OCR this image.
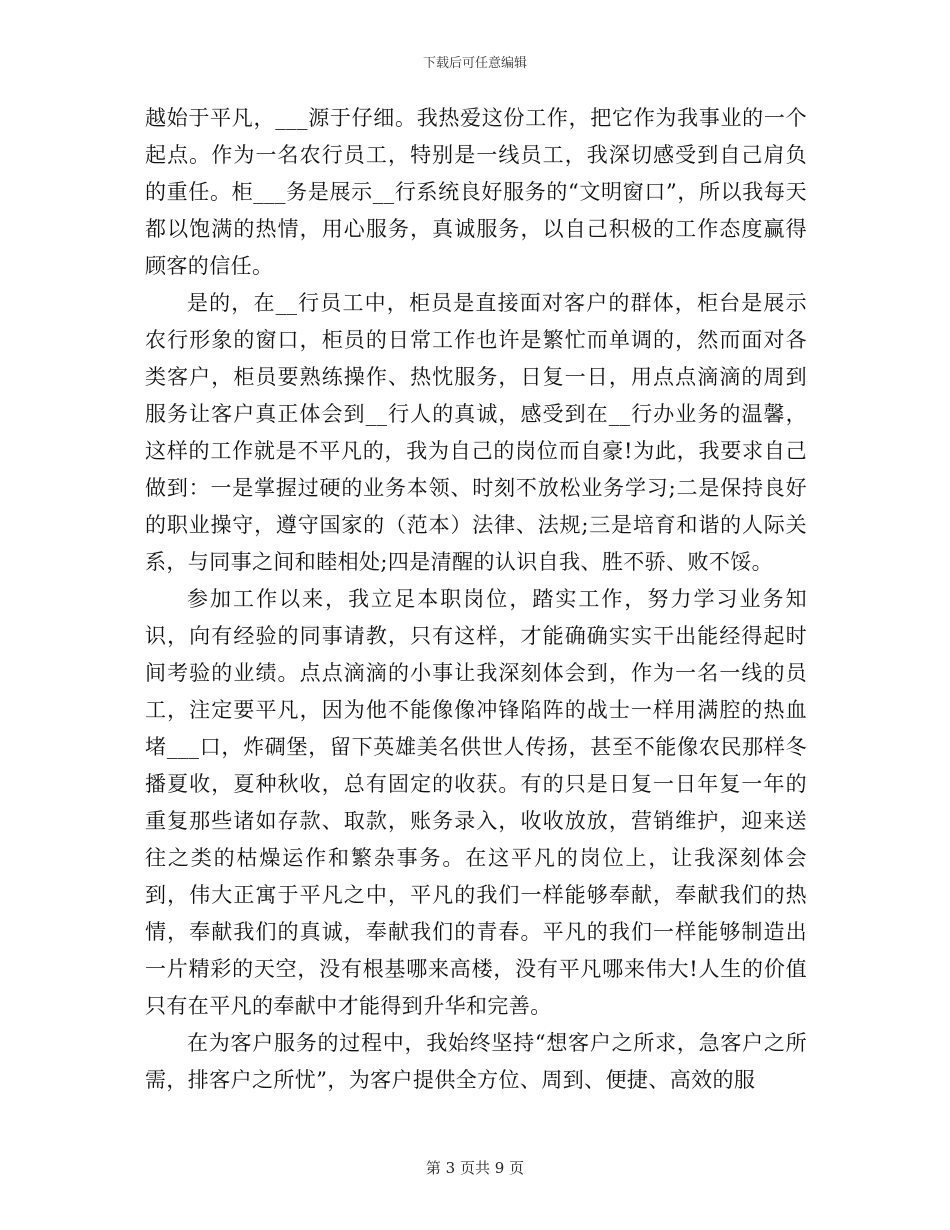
下载后可任意编辑

越始于平凡，___源于仔细。我热爱这份工作，把它作为我事业的一个起点。作为一名农行员工，特别是一线员工，我深切感受到自己肩负的重任。柜___务是展示__行系统良好服务的“文明窗口”，所以我每天都以饱满的热情，用心服务，真诚服务，以自己积极的工作态度赢得顾客的信任。

是的，在__行员工中，柜员是直接面对客户的群体，柜台是展示农行形象的窗口，柜员的日常工作也许是繁忙而单调的，然而面对各类客户，柜员要熟练操作、热忱服务，日复一日，用点点滴滴的周到服务让客户真正体会到__行人的真诚，感受到在__行办业务的温馨，这样的工作就是不平凡的，我为自己的岗位而自豪!为此，我要求自己做到：一是掌握过硬的业务本领、时刻不放松业务学习;二是保持良好的职业操守，遵守国家的（范本）法律、法规;三是培育和谐的人际关系，与同事之间和睦相处;四是清醒的认识自我、胜不骄、败不馁。

参加工作以来，我立足本职岗位，踏实工作，努力学习业务知识，向有经验的同事请教，只有这样，才能确确实实干出能经得起时间考验的业绩。点点滴滴的小事让我深刻体会到，作为一名一线的员工，注定要平凡，因为他不能像像冲锋陷阵的战士一样用满腔的热血堵___口，炸碉堡，留下英雄美名供世人传扬，甚至不能像农民那样冬播夏收，夏种秋收，总有固定的收获。有的只是日复一日年复一年的重复那些诸如存款、取款，账务录入，收收放放，营销维护，迎来送往之类的枯燥运作和繁杂事务。在这平凡的岗位上，让我深刻体会到，伟大正寓于平凡之中，平凡的我们一样能够奉献，奉献我们的热情，奉献我们的真诚，奉献我们的青春。平凡的我们一样能够制造出一片精彩的天空，没有根基哪来高楼，没有平凡哪来伟大!人生的价值只有在平凡的奉献中才能得到升华和完善。

在为客户服务的过程中，我始终坚持“想客户之所求，急客户之所需，排客户之所忧”，为客户提供全方位、周到、便捷、高效的服

第 3 页共 9 页
